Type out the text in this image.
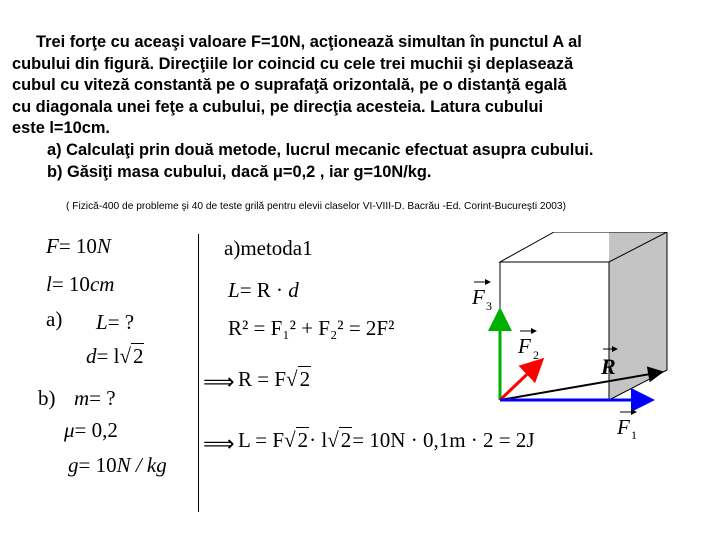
Trei forţe cu aceaşi valoare F=10N, acţionează simultan în punctul A al
cubului din figură. Direcţiile lor coincid cu cele trei muchii şi deplasează
cubul cu viteză constantă pe o suprafaţă orizontală, pe o distanţă egală
cu diagonala unei feţe a cubului, pe direcţia acesteia. Latura cubului
este l=10cm.
a) Calculaţi prin două metode, lucrul mecanic efectuat asupra cubului.
b) Găsiţi masa cubului, dacă μ=0,2 , iar g=10N/kg.
( Fizică-400 de probleme şi 40 de teste grilă pentru elevii claselor VI-VIII-D. Bacrău -Ed. Corint-Bucureşti 2003)
F= 10N
l= 10cm
a) L= ?
d= l√2
b) m= ?
μ= 0,2
g= 10N / kg
a)metoda1
L= R · d
R² = F₁² + F₂² = 2F²
⟹ R = F√2
⟹ L = F√2· l√2= 10N · 0,1m · 2 = 2J
F 3
F 2	R
F 1
